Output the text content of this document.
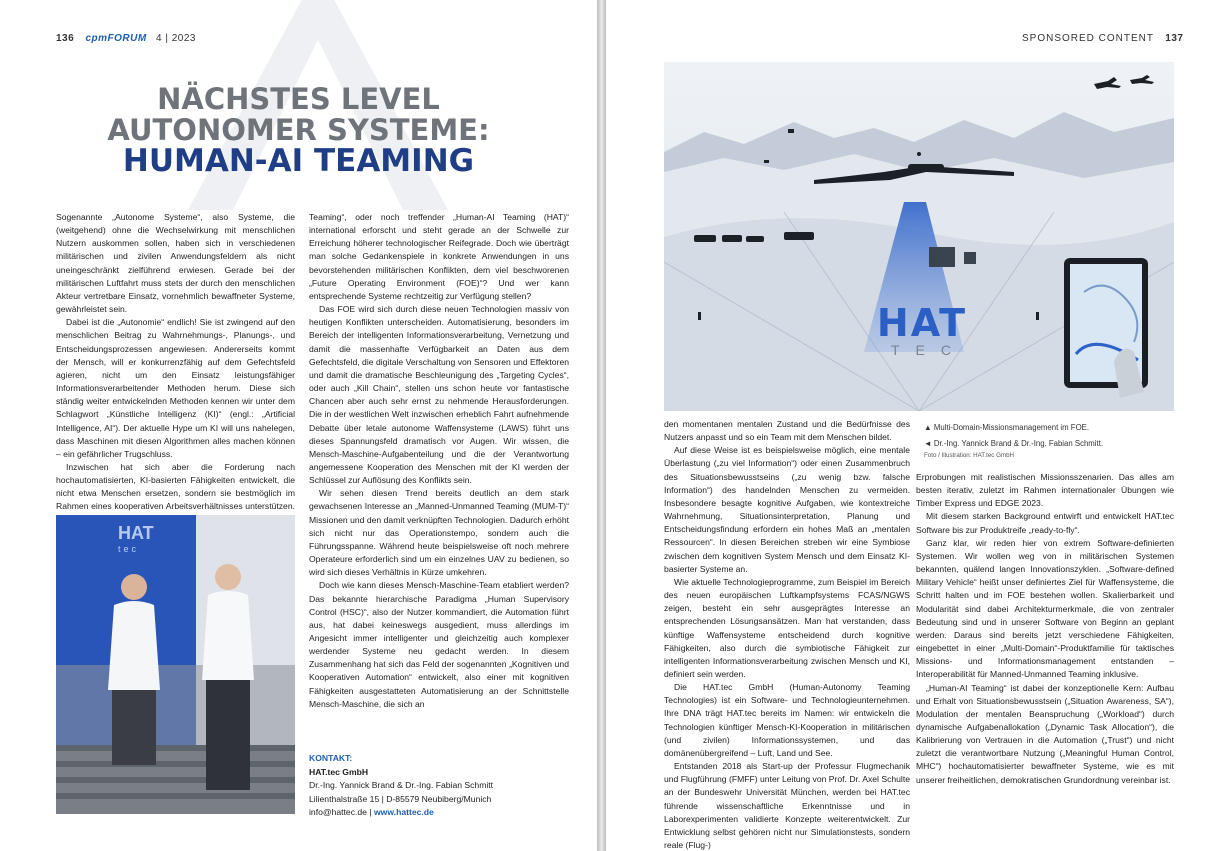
136 cpmFORUM 4 | 2023
NÄCHSTES LEVEL
AUTONOMER SYSTEME:
HUMAN-AI TEAMING

Sogenannte „Autonome Systeme“, also Systeme, die (weitgehend) ohne die Wechselwirkung mit menschlichen Nutzern auskommen sollen, haben sich in verschiedenen militärischen und zivilen Anwendungsfeldern als nicht uneingeschränkt zielführend erwiesen. Gerade bei der militärischen Luftfahrt muss stets der durch den menschlichen Akteur vertretbare Einsatz, vornehmlich bewaffneter Systeme, gewährleistet sein.

Dabei ist die „Autonomie“ endlich! Sie ist zwingend auf den menschlichen Beitrag zu Wahrnehmungs-, Planungs-, und Entscheidungsprozessen angewiesen. Andererseits kommt der Mensch, will er konkurrenzfähig auf dem Gefechtsfeld agieren, nicht um den Einsatz leistungsfähiger Informationsverarbeitender Methoden herum. Diese sich ständig weiter entwickelnden Methoden kennen wir unter dem Schlagwort „Künstliche Intelligenz (KI)“ (engl.: „Artificial Intelligence, AI“). Der aktuelle Hype um KI will uns nahelegen, dass Maschinen mit diesen Algorithmen alles machen können – ein gefährlicher Trugschluss.

Inzwischen hat sich aber die Forderung nach hochautomatisierten, KI-basierten Fähigkeiten entwickelt, die nicht etwa Menschen ersetzen, sondern sie bestmöglich im Rahmen eines kooperativen Arbeitsverhältnisses unterstützen.

HAT
tec

Teaming“, oder noch treffender „Human-AI Teaming (HAT)“ international erforscht und steht gerade an der Schwelle zur Erreichung höherer technologischer Reifegrade. Doch wie überträgt man solche Gedankenspiele in konkrete Anwendungen in uns bevorstehenden militärischen Konflikten, dem viel beschworenen „Future Operating Environment (FOE)“? Und wer kann entsprechende Systeme rechtzeitig zur Verfügung stellen?

Das FOE wird sich durch diese neuen Technologien massiv von heutigen Konflikten unterscheiden. Automatisierung, besonders im Bereich der intelligenten Informationsverarbeitung, Vernetzung und damit die massenhafte Verfügbarkeit an Daten aus dem Gefechtsfeld, die digitale Verschaltung von Sensoren und Effektoren und damit die dramatische Beschleunigung des „Targeting Cycles“, oder auch „Kill Chain“, stellen uns schon heute vor fantastische Chancen aber auch sehr ernst zu nehmende Herausforderungen. Die in der westlichen Welt inzwischen erheblich Fahrt aufnehmende Debatte über letale autonome Waffensysteme (LAWS) führt uns dieses Spannungsfeld dramatisch vor Augen. Wir wissen, die Mensch-Maschine-Aufgabenteilung und die der Verantwortung angemessene Kooperation des Menschen mit der KI werden der Schlüssel zur Auflösung des Konflikts sein.

Wir sehen diesen Trend bereits deutlich an dem stark gewachsenen Interesse an „Manned-Unmanned Teaming (MUM-T)“ Missionen und den damit verknüpften Technologien. Dadurch erhöht sich nicht nur das Operationstempo, sondern auch die Führungsspanne. Während heute beispielsweise oft noch mehrere Operateure erforderlich sind um ein einzelnes UAV zu bedienen, so wird sich dieses Verhältnis in Kürze umkehren.

Doch wie kann dieses Mensch-Maschine-Team etabliert werden? Das bekannte hierarchische Paradigma „Human Supervisory Control (HSC)“, also der Nutzer kommandiert, die Automation führt aus, hat dabei keineswegs ausgedient, muss allerdings im Angesicht immer intelligenter und gleichzeitig auch komplexer werdender Systeme neu gedacht werden. In diesem Zusammenhang hat sich das Feld der sogenannten „Kognitiven und Kooperativen Automation“ entwickelt, also einer mit kognitiven Fähigkeiten ausgestatteten Automatisierung an der Schnittstelle Mensch-Maschine, die sich an

KONTAKT:
HAT.tec GmbH
Dr.-Ing. Yannick Brand & Dr.-Ing. Fabian Schmitt
Lilienthalstraße 15 | D-85579 Neubiberg/Munich
info@hattec.de | www.hattec.de
SPONSORED CONTENT 137
HAT
TEC
▲ Multi-Domain-Missionsmanagement im FOE.
◄ Dr.-Ing. Yannick Brand & Dr.-Ing. Fabian Schmitt.
Foto / Illustration: HAT.tec GmbH

den momentanen mentalen Zustand und die Bedürfnisse des Nutzers anpasst und so ein Team mit dem Menschen bildet.

Auf diese Weise ist es beispielsweise möglich, eine mentale Überlastung („zu viel Information“) oder einen Zusammenbruch des Situationsbewusstseins („zu wenig bzw. falsche Information“) des handelnden Menschen zu vermeiden. Insbesondere besagte kognitive Aufgaben, wie kontextreiche Wahrnehmung, Situationsinterpretation, Planung und Entscheidungsfindung erfordern ein hohes Maß an „mentalen Ressourcen“. In diesen Bereichen streben wir eine Symbiose zwischen dem kognitiven System Mensch und dem Einsatz KI-basierter Systeme an.

Wie aktuelle Technologieprogramme, zum Beispiel im Bereich des neuen europäischen Luftkampfsystems FCAS/NGWS zeigen, besteht ein sehr ausgeprägtes Interesse an entsprechenden Lösungsansätzen. Man hat verstanden, dass künftige Waffensysteme entscheidend durch kognitive Fähigkeiten, also durch die symbiotische Fähigkeit zur intelligenten Informationsverarbeitung zwischen Mensch und KI, definiert sein werden.

Die HAT.tec GmbH (Human-Autonomy Teaming Technologies) ist ein Software- und Technologieunternehmen. Ihre DNA trägt HAT.tec bereits im Namen: wir entwickeln die Technologien künftiger Mensch-KI-Kooperation in militärischen (und zivilen) Informationssystemen, und das domänenübergreifend – Luft, Land und See.

Entstanden 2018 als Start-up der Professur Flugmechanik und Flugführung (FMFF) unter Leitung von Prof. Dr. Axel Schulte an der Bundeswehr Universität München, werden bei HAT.tec führende wissenschaftliche Erkenntnisse und in Laborexperimenten validierte Konzepte weiterentwickelt. Zur Entwicklung selbst gehören nicht nur Simulationstests, sondern reale (Flug-)

Erprobungen mit realistischen Missionsszenarien. Das alles am besten iterativ, zuletzt im Rahmen internationaler Übungen wie Timber Express und EDGE 2023.

Mit diesem starken Background entwirft und entwickelt HAT.tec Software bis zur Produktreife „ready-to-fly“.

Ganz klar, wir reden hier von extrem Software-definierten Systemen. Wir wollen weg von in militärischen Systemen bekannten, quälend langen Innovationszyklen. „Software-defined Military Vehicle“ heißt unser definiertes Ziel für Waffensysteme, die Schritt halten und im FOE bestehen wollen. Skalierbarkeit und Modularität sind dabei Architekturmerkmale, die von zentraler Bedeutung sind und in unserer Software von Beginn an geplant werden. Daraus sind bereits jetzt verschiedene Fähigkeiten, eingebettet in einer „Multi-Domain“-Produktfamilie für taktisches Missions- und Informationsmanagement entstanden – Interoperabilität für Manned-Unmanned Teaming inklusive.

„Human-AI Teaming“ ist dabei der konzeptionelle Kern: Aufbau und Erhalt von Situationsbewusstsein („Situation Awareness, SA“), Modulation der mentalen Beanspruchung („Workload“) durch dynamische Aufgabenallokation („Dynamic Task Allocation“), die Kalibrierung von Vertrauen in die Automation („Trust“) und nicht zuletzt die verantwortbare Nutzung („Meaningful Human Control, MHC“) hochautomatisierter bewaffneter Systeme, wie es mit unserer freiheitlichen, demokratischen Grundordnung vereinbar ist.
